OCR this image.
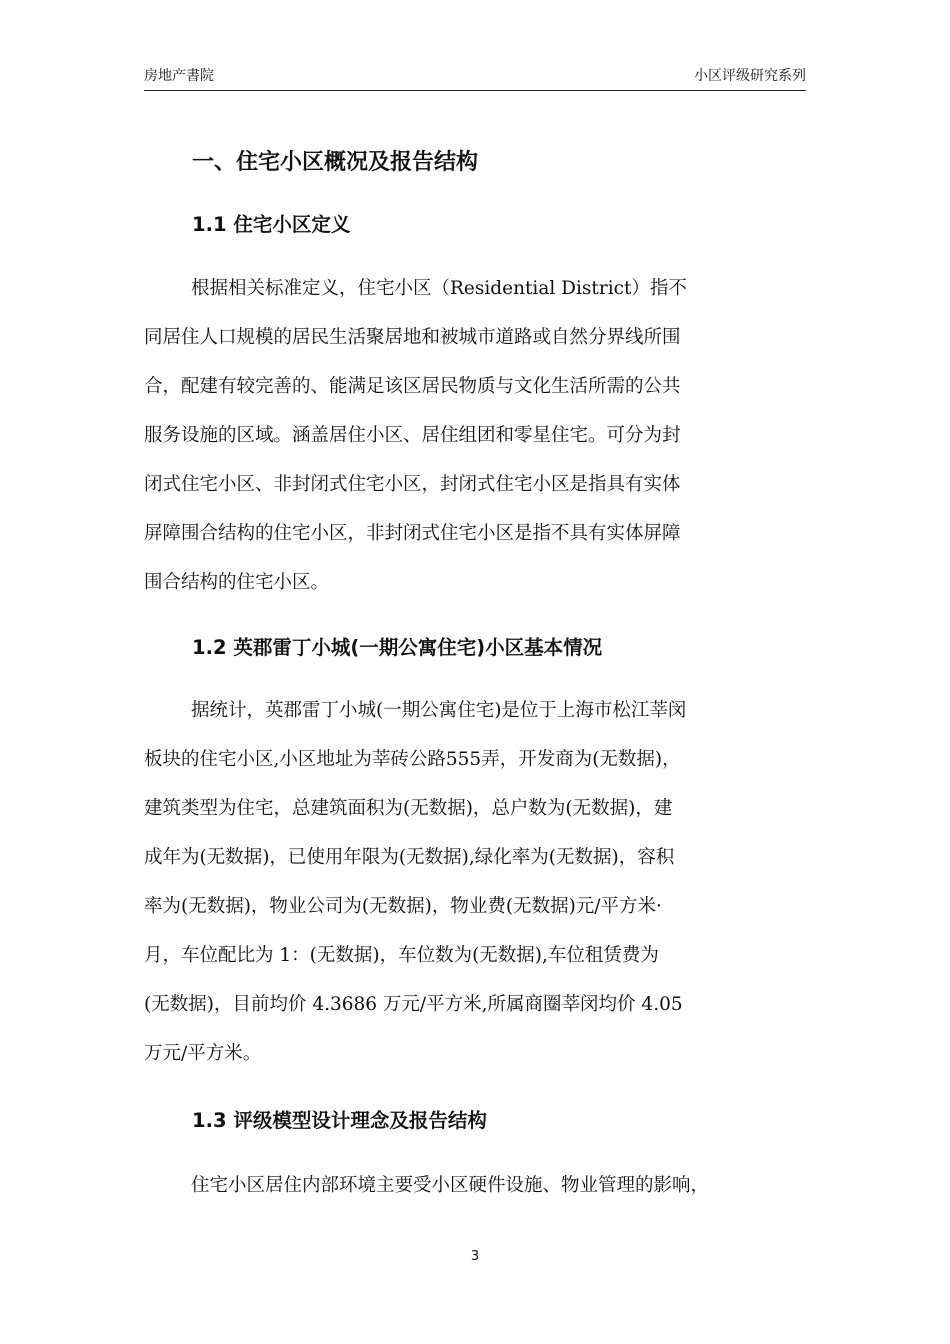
房地产書院	小区评级研究系列
一、住宅小区概况及报告结构
1.1 住宅小区定义
根据相关标准定义，住宅小区（Residential District）指不
同居住人口规模的居民生活聚居地和被城市道路或自然分界线所围
合，配建有较完善的、能满足该区居民物质与文化生活所需的公共
服务设施的区域。涵盖居住小区、居住组团和零星住宅。可分为封
闭式住宅小区、非封闭式住宅小区，封闭式住宅小区是指具有实体
屏障围合结构的住宅小区，非封闭式住宅小区是指不具有实体屏障
围合结构的住宅小区。
1.2 英郡雷丁小城(一期公寓住宅)小区基本情况
据统计，英郡雷丁小城(一期公寓住宅)是位于上海市松江莘闵
板块的住宅小区,小区地址为莘砖公路555弄，开发商为(无数据)，
建筑类型为住宅，总建筑面积为(无数据)，总户数为(无数据)，建
成年为(无数据)，已使用年限为(无数据),绿化率为(无数据)，容积
率为(无数据)，物业公司为(无数据)，物业费(无数据)元/平方米·
月，车位配比为 1：(无数据)，车位数为(无数据),车位租赁费为
(无数据)，目前均价 4.3686 万元/平方米,所属商圈莘闵均价 4.05
万元/平方米。
1.3 评级模型设计理念及报告结构
住宅小区居住内部环境主要受小区硬件设施、物业管理的影响，
3
